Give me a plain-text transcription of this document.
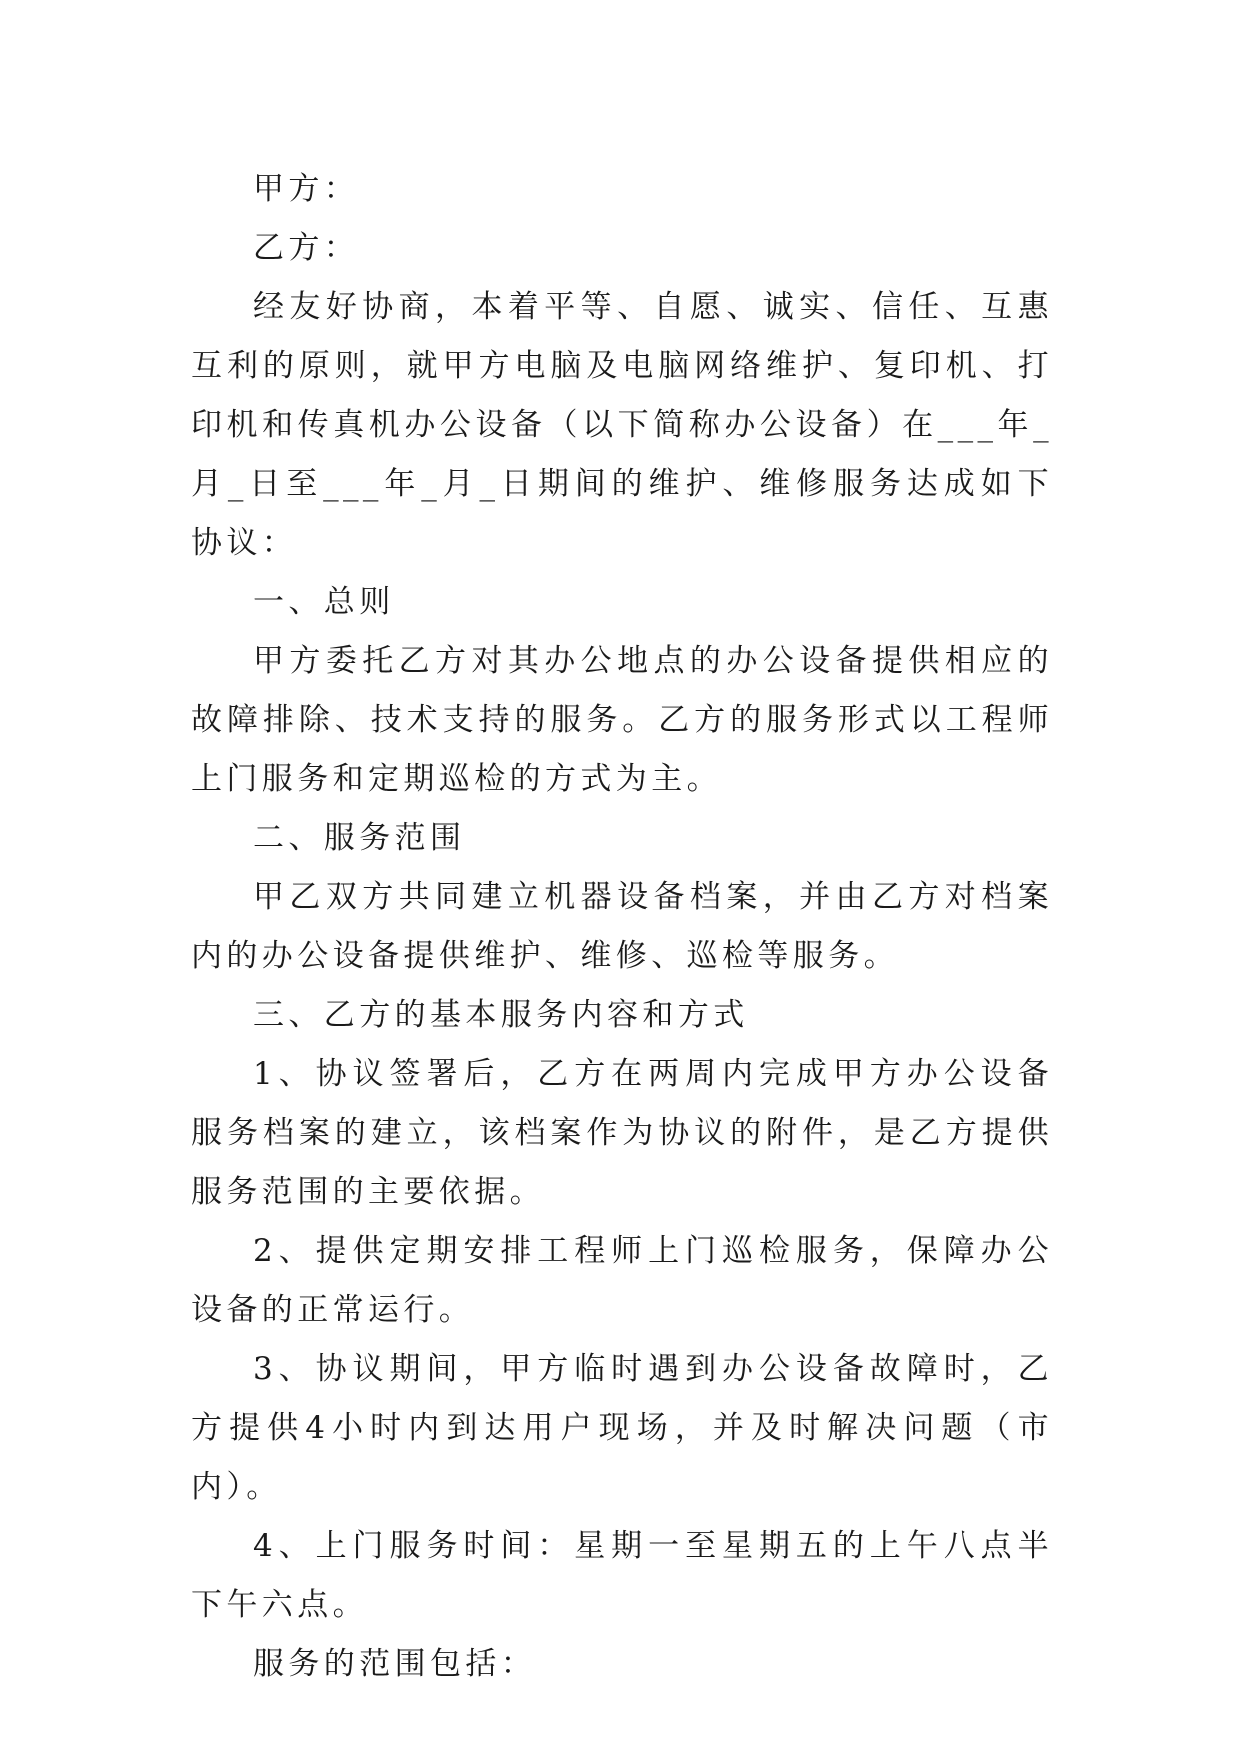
甲方：

乙方：

经友好协商，本着平等、自愿、诚实、信任、互惠互利的原则，就甲方电脑及电脑网络维护、复印机、打印机和传真机办公设备（以下简称办公设备）在___年_月_日至___年_月_日期间的维护、维修服务达成如下协议：

一、总则

甲方委托乙方对其办公地点的办公设备提供相应的故障排除、技术支持的服务。乙方的服务形式以工程师上门服务和定期巡检的方式为主。

二、服务范围

甲乙双方共同建立机器设备档案，并由乙方对档案内的办公设备提供维护、维修、巡检等服务。

三、乙方的基本服务内容和方式

1、协议签署后，乙方在两周内完成甲方办公设备服务档案的建立，该档案作为协议的附件，是乙方提供服务范围的主要依据。

2、提供定期安排工程师上门巡检服务，保障办公设备的正常运行。

3、协议期间，甲方临时遇到办公设备故障时，乙方提供4小时内到达用户现场，并及时解决问题（市内）。

4、上门服务时间：星期一至星期五的上午八点半下午六点。

服务的范围包括：
